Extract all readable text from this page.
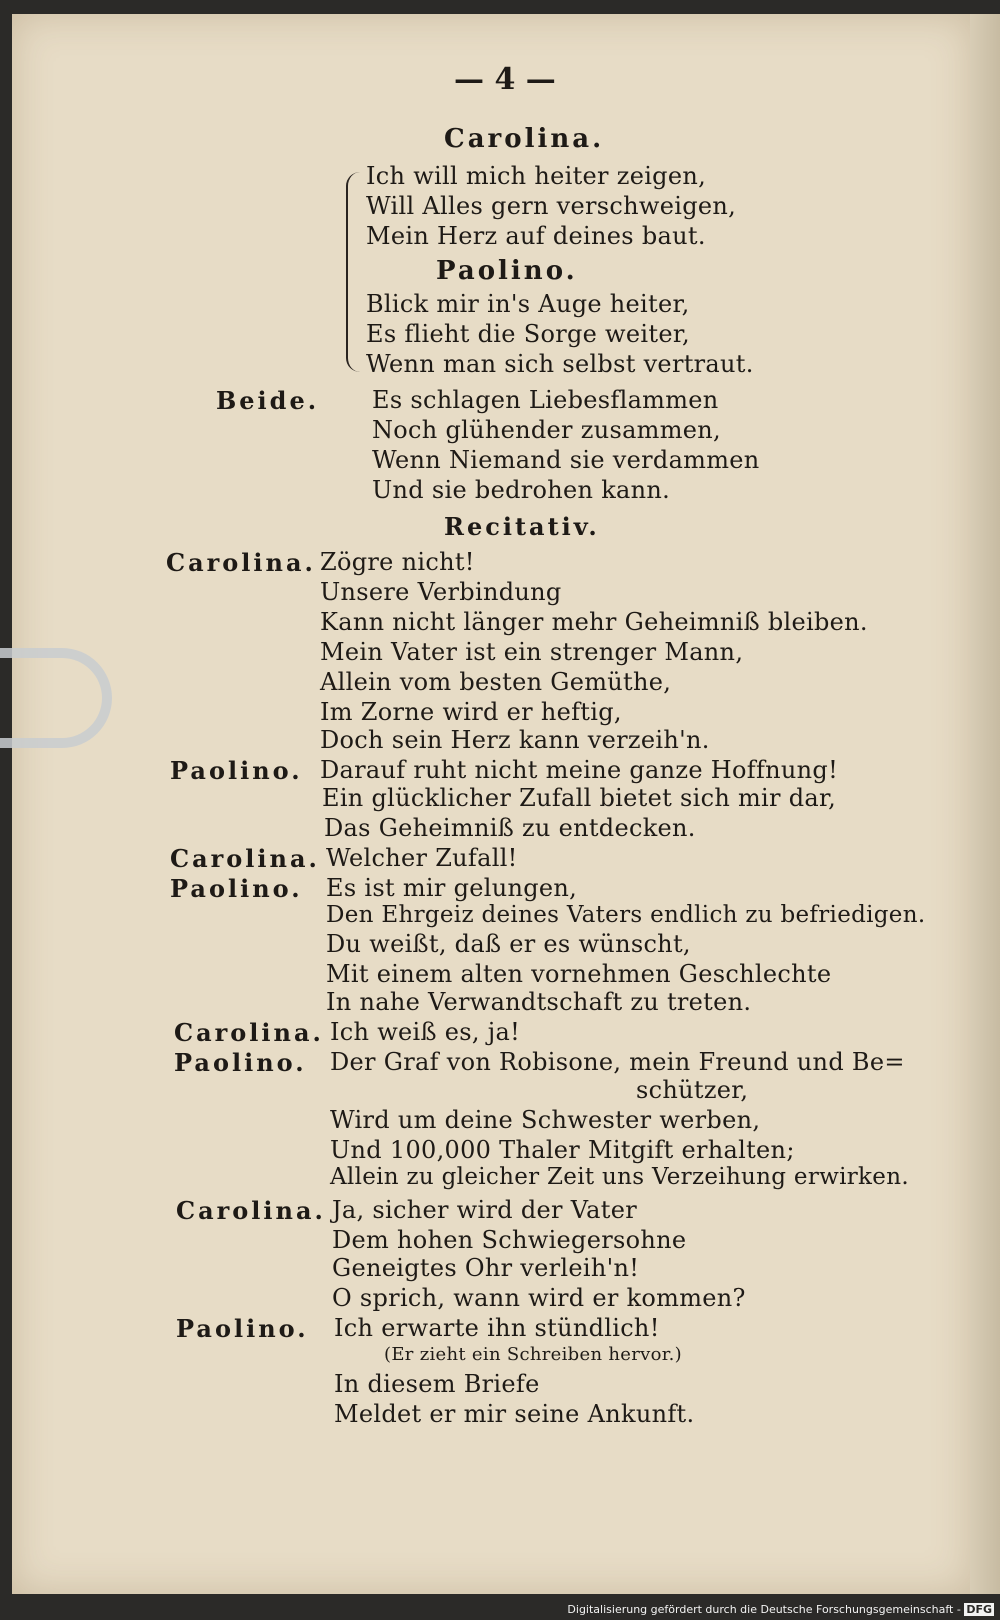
— 4 —
Carolina.
Ich will mich heiter zeigen,
Will Alles gern verschweigen,
Mein Herz auf deines baut.
Paolino.
Blick mir in's Auge heiter,
Es flieht die Sorge weiter,
Wenn man sich selbst vertraut.
Beide. Es schlagen Liebesflammen
Noch glühender zusammen,
Wenn Niemand sie verdammen
Und sie bedrohen kann.
Recitativ.
Carolina. Zögre nicht!
Unsere Verbindung
Kann nicht länger mehr Geheimniß bleiben.
Mein Vater ist ein strenger Mann,
Allein vom besten Gemüthe,
Im Zorne wird er heftig,
Doch sein Herz kann verzeih'n.
Paolino. Darauf ruht nicht meine ganze Hoffnung!
Ein glücklicher Zufall bietet sich mir dar,
Das Geheimniß zu entdecken.
Carolina. Welcher Zufall!
Paolino. Es ist mir gelungen,
Den Ehrgeiz deines Vaters endlich zu befriedigen.
Du weißt, daß er es wünscht,
Mit einem alten vornehmen Geschlechte
In nahe Verwandtschaft zu treten.
Carolina. Ich weiß es, ja!
Paolino. Der Graf von Robisone, mein Freund und Be=
schützer,
Wird um deine Schwester werben,
Und 100,000 Thaler Mitgift erhalten;
Allein zu gleicher Zeit uns Verzeihung erwirken.
Carolina. Ja, sicher wird der Vater
Dem hohen Schwiegersohne
Geneigtes Ohr verleih'n!
O sprich, wann wird er kommen?
Paolino. Ich erwarte ihn stündlich!
(Er zieht ein Schreiben hervor.)
In diesem Briefe
Meldet er mir seine Ankunft.
Digitalisierung gefördert durch die Deutsche Forschungsgemeinschaft - DFG
